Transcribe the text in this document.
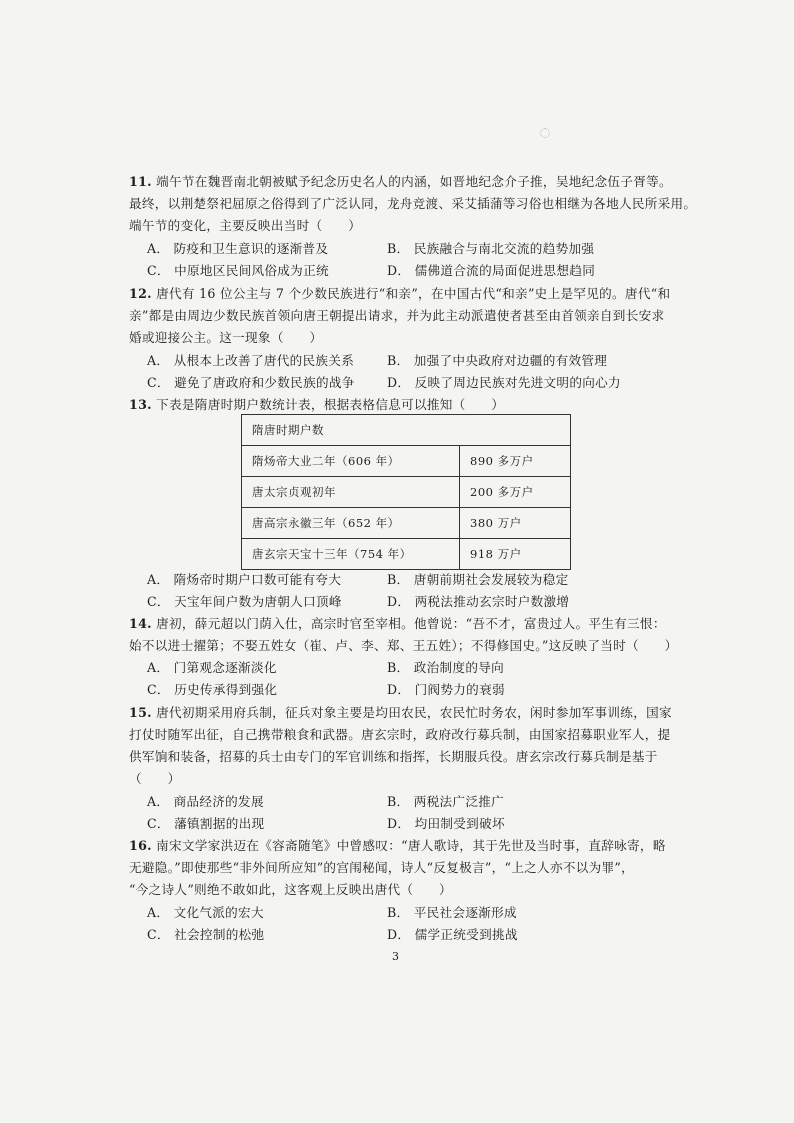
11. 端午节在魏晋南北朝被赋予纪念历史名人的内涵，如晋地纪念介子推，吴地纪念伍子胥等。
最终，以荆楚祭祀屈原之俗得到了广泛认同，龙舟竞渡、采艾插蒲等习俗也相继为各地人民所采用。
端午节的变化，主要反映出当时（　　）
A． 防疫和卫生意识的逐渐普及	B． 民族融合与南北交流的趋势加强
C． 中原地区民间风俗成为正统	D． 儒佛道合流的局面促进思想趋同
12. 唐代有 16 位公主与 7 个少数民族进行“和亲”，在中国古代“和亲”史上是罕见的。唐代“和
亲”都是由周边少数民族首领向唐王朝提出请求，并为此主动派遣使者甚至由首领亲自到长安求
婚或迎接公主。这一现象（　　）
A． 从根本上改善了唐代的民族关系	B． 加强了中央政府对边疆的有效管理
C． 避免了唐政府和少数民族的战争	D． 反映了周边民族对先进文明的向心力
13. 下表是隋唐时期户数统计表，根据表格信息可以推知（　　）
隋唐时期户数	
隋炀帝大业二年（606 年）	890 多万户
唐太宗贞观初年	200 多万户
唐高宗永徽三年（652 年）	380 万户
唐玄宗天宝十三年（754 年）	918 万户
A． 隋炀帝时期户口数可能有夸大	B． 唐朝前期社会发展较为稳定
C． 天宝年间户数为唐朝人口顶峰	D． 两税法推动玄宗时户数激增
14. 唐初，薛元超以门荫入仕，高宗时官至宰相。他曾说：“吾不才，富贵过人。平生有三恨：
始不以进士擢第；不娶五姓女（崔、卢、李、郑、王五姓）；不得修国史。”这反映了当时（　　）
A． 门第观念逐渐淡化	B． 政治制度的导向
C． 历史传承得到强化	D． 门阀势力的衰弱
15. 唐代初期采用府兵制，征兵对象主要是均田农民，农民忙时务农，闲时参加军事训练，国家
打仗时随军出征，自己携带粮食和武器。唐玄宗时，政府改行募兵制，由国家招募职业军人，提
供军饷和装备，招募的兵士由专门的军官训练和指挥，长期服兵役。唐玄宗改行募兵制是基于
（　　）
A． 商品经济的发展	B． 两税法广泛推广
C． 藩镇割据的出现	D． 均田制受到破坏
16. 南宋文学家洪迈在《容斋随笔》中曾感叹：“唐人歌诗，其于先世及当时事，直辞咏寄，略
无避隐。”即使那些“非外间所应知”的宫闱秘闻，诗人“反复极言”，“上之人亦不以为罪”，
“今之诗人”则绝不敢如此，这客观上反映出唐代（　　）
A． 文化气派的宏大	B． 平民社会逐渐形成
C． 社会控制的松弛	D． 儒学正统受到挑战
3
